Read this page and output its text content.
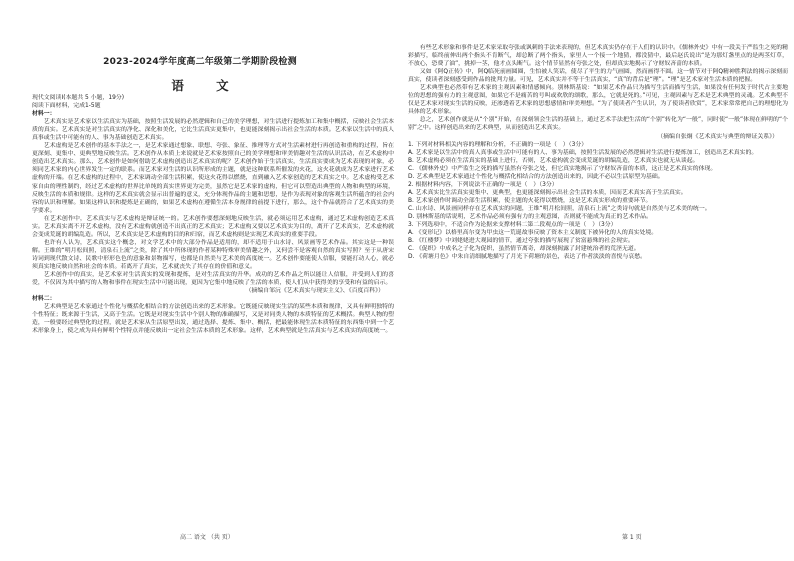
2023-2024学年度高二年级第二学期阶段检测
语 文

现代文阅读I(本题共 5 小题，19分)

阅读下面材料，完成1-5题

材料一：

艺术真实是艺术家以生活真实为基础，按照生活发展的必然逻辑和自己的美学理想，对生活进行提炼加工和集中概括，反映社会生活本质的真实。艺术真实是对生活真实的净化、深化和美化，它比生活真实更集中，也更能深刻揭示出社会生活的本质。艺术家以生活中的真人真事或生活中可能有的人、事为基础创造艺术真实。

艺术虚构是艺术创作的基本手法之一，是艺术家通过想象、联想、夸张、象征、推理等方式对生活素材进行再创造和重构的过程，旨在更深刻、更集中、更典型地反映生活。艺术创作从本质上来说就是艺术家按照自己的美学理想和审美情趣对生活的认识活动，在艺术虚构中创造出艺术真实。那么，艺术创作是如何借助艺术虚构创造出艺术真实的呢？艺术创作始于生活真实，生活真实要成为艺术表现的对象，必须同艺术家的内心世界发生一定的联系。而艺术家对生活的认识所形成的主题，就是这种联系所催发的火花，这火花就成为艺术家进行艺术虚构的开端。在艺术虚构的过程中，艺术家调动全部生活积累，使这火花得以燃烧，直到融入艺术家创造的艺术真实之中。艺术虚构受艺术家自由的理性制约，经过艺术虚构的世界比单纯的真实世界更为完美，虽然它是艺术家的虚构，但它可以塑造出典型的人物和典型的环境，反映生活的本质和规律。这样的艺术真实就会显示出普遍的意义，充分体现作品的主题和思想，是作为表现对象的客观生活所蕴含的社会内容的认识和理解。如果这样认识和提炼是正确的，如果艺术虚构在遵循生活本身规律的前提下进行，那么，这个作品就符合了艺术真实的美学要求。

在艺术创作中，艺术真实与艺术虚构是辩证统一的。艺术创作要想深刻地反映生活，就必须运用艺术虚构，通过艺术虚构创造艺术真实。艺术真实离不开艺术虚构，没有艺术虚构就创造不出真正的艺术真实；艺术虚构又要以艺术真实为目的，离开了艺术真实，艺术虚构就会变成荒诞的胡编乱造。所以，艺术真实是艺术虚构的目的和归宿，而艺术虚构则是实现艺术真实的重要手段。

也许有人认为，艺术真实这个概念，对文学艺术中的大部分作品是适用的，却不适用于山水诗、风景画等艺术作品。其实这是一种误解。王维的“明月松间照，清泉石上流”之类，除了其中所体现的作者某种特殊审美情趣之外，又何尝不是客观自然的真实写照？至于从唐宋诗词到现代散文诗、民歌中形形色色的意象和景物描写，也都是自然美与艺术美的高度统一。艺术创作要能使人信服，要能打动人心，就必须真实地反映自然和社会的本质。若离开了真实，艺术就丧失了其存在的价值和意义。

艺术创作中的真实，是艺术家对生活真实的发现和提炼，是对生活真实的升华。成功的艺术作品之所以能让人信服，并受到人们的喜爱，不仅因为其中描写的人物和事件在现实生活中可能出现，更因为它集中地反映了生活的本质，使人们从中获得美的享受和有益的启示。

（摘编自邹沅《艺术真实与现实主义》、《百度百科》）

材料二：

艺术典型是艺术家通过个性化与概括化相结合的方法创造出来的艺术形象。它既能反映现实生活的某些本质和规律，又具有鲜明独特的个性特征；既来源于生活，又高于生活。它既是对现实生活中个别人物的准确描写，又是对同类人物的本质特征的艺术概括。典型人物的塑造，一般要经过典型化的过程，就是艺术家从生活原型出发，通过选择、提炼、集中、概括，把最能体现生活本质特征的东西集中到一个艺术形象身上，使之成为具有鲜明个性特点并能反映出一定社会生活本质的艺术形象。这样，艺术典型就是生活真实与艺术真实的高度统一。

高二 语文 （共 页）

有些艺术形象和事件是艺术家采取夸张或讽刺的手法来表现的，但艺术真实仍存在于人们的认识中。《儒林外史》中有一段关于严监生之死的精彩描写，临终前伸出两个指头不肯断气，却总断了两个指头，家里人一个接一个地猜，都没猜中，最后赵氏说出“是为那灯盏里点的是两茎灯草，不放心，恐费了油”，挑掉一茎，他才点头断气。这个情节显然有夸张之处，但却真实地揭示了守财奴吝啬的本质。

又如《阿Q正传》中，阿Q临死前画圆圈，生怕被人笑话，使尽了平生的力气画圆，然而画得不圆。这一情节对于阿Q精神胜利法的揭示深刻而真实，使读者深刻感受到作品的批判力量。可见，艺术真实并不等于生活真实，“真”的背后是“理”。“理”是艺术家对生活本质的把握。

艺术典型也必然带有艺术家的主观因素和情感倾向。别林斯基说：“如果艺术作品只为描写生活而描写生活，如果没有任何发于时代占主要地位的思想的强有力的主观意图，如果它不是痛苦的号叫或欢欣的颂歌，那么，它就是死的。”可见，主观因素与艺术是艺术典型的灵魂。艺术典型不仅是艺术家对现实生活的反映，还渗透着艺术家的思想感情和审美理想。“为了使读者产生认识，为了使读者欣赏”，艺术家常常把自己的理想化为具体的艺术形象。

总之，艺术创作就是从“个别”开始，在深刻领会生活的基础上，通过艺术手法把生活的“个别”转化为“一般”，同时使“一般”体现在鲜明的“个别”之中。这样创造出来的艺术典型，从而创造出艺术真实。

（摘编自张炯《艺术真实与典型的辩证关系》）

1. 下列对材料相关内容的理解和分析，不正确的一项是（　）（3分）

A. 艺术家是以生活中的真人真事或生活中可能有的人、事为基础，按照生活发展的必然逻辑对生活进行提炼加工，创造出艺术真实的。

B. 艺术虚构必须在生活真实的基础上进行，否则，艺术虚构就会变成荒诞的胡编乱造，艺术真实也就无从谈起。

C. 《儒林外史》中严监生之死的描写虽然有夸张之处，但它真实地揭示了守财奴吝啬的本质，这正是艺术真实的体现。

D. 艺术典型是艺术家通过个性化与概括化相结合的方法创造出来的，因此不必以生活原型为基础。

2. 根据材料内容，下列说法不正确的一项是（　）（3分）

A. 艺术真实比生活真实更集中、更典型，也更能深刻揭示出社会生活的本质，因而艺术真实高于生活真实。

B. 艺术家创作时调动全部生活积累，使主题的火花得以燃烧，这是艺术真实形成的重要环节。

C. 山水诗、风景画同样存在艺术真实的问题，王维“明月松间照，清泉石上流”之类诗句就是自然美与艺术美的统一。

D. 别林斯基的话说明，艺术作品必须有强有力的主观意图，否则就不能成为真正的艺术作品。

3. 下列选项中，不适合作为论据来支撑材料二第二段观点的一项是（　）（3分）

A. 《变形记》以格里高尔变为甲虫这一荒诞故事反映了资本主义制度下被异化的人的真实处境。

B. 《红楼梦》中刘姥姥进大观园的情节，通过夸张的描写展现了贫富悬殊的社会现实。

C. 《促织》中成名之子化为促织，虽然情节离奇，却深刻揭露了封建统治者的荒淫无道。

D. 《荷塘月色》中朱自清细腻地描写了月光下荷塘的景色，表达了作者淡淡的喜悦与哀愁。

第 1 页
